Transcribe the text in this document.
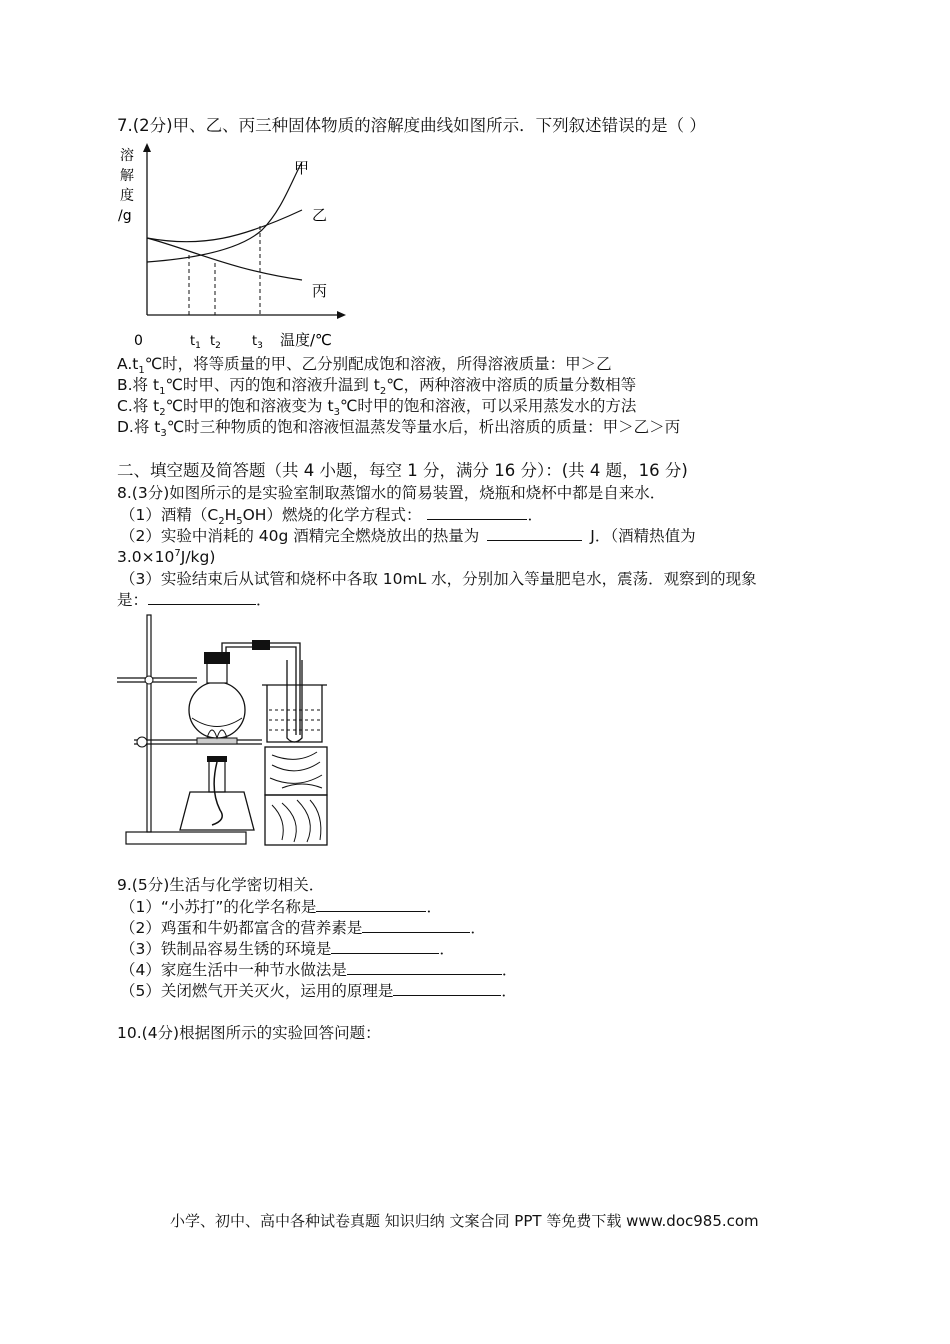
7.(2分)甲、乙、丙三种固体物质的溶解度曲线如图所示．下列叙述错误的是（ ）
溶
解
度
/g
甲
乙
丙
0	$t_1$ $t_2$ $t_3$ 温度/℃
$A.t_1℃$时，将等质量的甲、乙分别配成饱和溶液，所得溶液质量：甲＞乙
B.将 $t_1℃$时甲、丙的饱和溶液升温到 $t_2℃$，两种溶液中溶质的质量分数相等
C.将 $t_2℃$时甲的饱和溶液变为 $t_3℃$时甲的饱和溶液，可以采用蒸发水的方法
D.将 $t_3℃$时三种物质的饱和溶液恒温蒸发等量水后，析出溶质的质量：甲＞乙＞丙
二、填空题及简答题（共 4 小题，每空 1 分，满分 16 分）：(共 4 题，16 分)
8.(3分)如图所示的是实验室制取蒸馏水的简易装置，烧瓶和烧杯中都是自来水．
（1）酒精$(C_2H_5OH)$燃烧的化学方程式：	．
（2）实验中消耗的 40g 酒精完全燃烧放出的热量为	J．（酒精热值为
$3.0\times 10^7J/kg$)
（3）实验结束后从试管和烧杯中各取 10mL 水，分别加入等量肥皂水，震荡．观察到的现象
是：	．
9.(5分)生活与化学密切相关．
（1）“小苏打”的化学名称是	．
（2）鸡蛋和牛奶都富含的营养素是	．
（3）铁制品容易生锈的环境是	．
（4）家庭生活中一种节水做法是	．
（5）关闭燃气开关灭火，运用的原理是	．
10.(4分)根据图所示的实验回答问题：
小学、初中、高中各种试卷真题 知识归纳 文案合同 PPT 等免费下载 www.doc985.com
